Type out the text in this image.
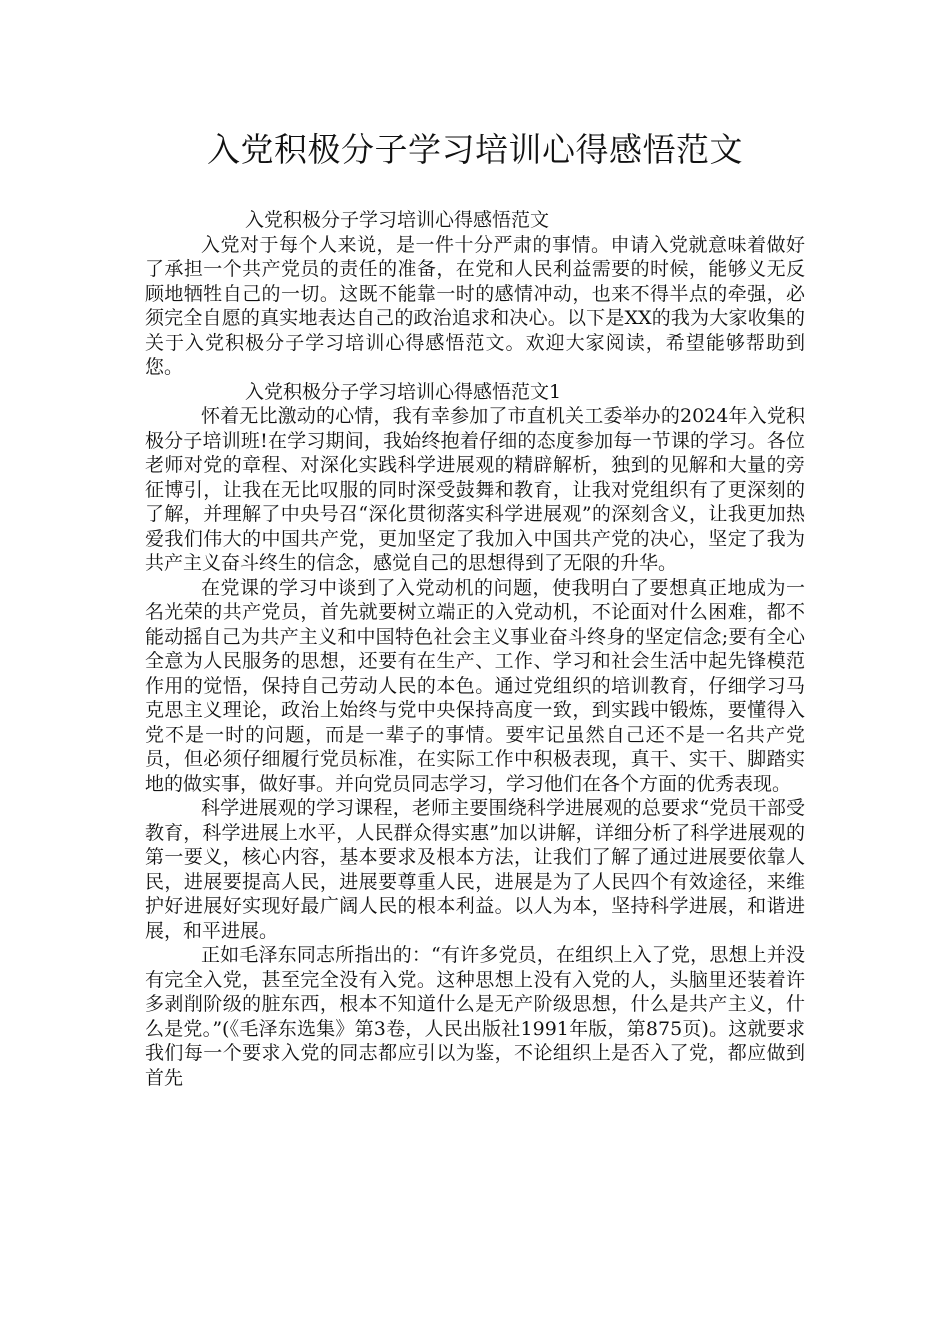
入党积极分子学习培训心得感悟范文

入党积极分子学习培训心得感悟范文

入党对于每个人来说，是一件十分严肃的事情。申请入党就意味着做好了承担一个共产党员的责任的准备，在党和人民利益需要的时候，能够义无反顾地牺牲自己的一切。这既不能靠一时的感情冲动，也来不得半点的牵强，必须完全自愿的真实地表达自己的政治追求和决心。以下是XX的我为大家收集的关于入党积极分子学习培训心得感悟范文。欢迎大家阅读，希望能够帮助到您。

入党积极分子学习培训心得感悟范文1

怀着无比激动的心情，我有幸参加了市直机关工委举办的2024年入党积极分子培训班!在学习期间，我始终抱着仔细的态度参加每一节课的学习。各位老师对党的章程、对深化实践科学进展观的精辟解析，独到的见解和大量的旁征博引，让我在无比叹服的同时深受鼓舞和教育，让我对党组织有了更深刻的了解，并理解了中央号召“深化贯彻落实科学进展观”的深刻含义，让我更加热爱我们伟大的中国共产党，更加坚定了我加入中国共产党的决心，坚定了我为共产主义奋斗终生的信念，感觉自己的思想得到了无限的升华。

在党课的学习中谈到了入党动机的问题，使我明白了要想真正地成为一名光荣的共产党员，首先就要树立端正的入党动机，不论面对什么困难，都不能动摇自己为共产主义和中国特色社会主义事业奋斗终身的坚定信念;要有全心全意为人民服务的思想，还要有在生产、工作、学习和社会生活中起先锋模范作用的觉悟，保持自己劳动人民的本色。通过党组织的培训教育，仔细学习马克思主义理论，政治上始终与党中央保持高度一致，到实践中锻炼，要懂得入党不是一时的问题，而是一辈子的事情。要牢记虽然自己还不是一名共产党员，但必须仔细履行党员标准，在实际工作中积极表现，真干、实干、脚踏实地的做实事，做好事。并向党员同志学习，学习他们在各个方面的优秀表现。

科学进展观的学习课程，老师主要围绕科学进展观的总要求“党员干部受教育，科学进展上水平，人民群众得实惠”加以讲解，详细分析了科学进展观的第一要义，核心内容，基本要求及根本方法，让我们了解了通过进展要依靠人民，进展要提高人民，进展要尊重人民，进展是为了人民四个有效途径，来维护好进展好实现好最广阔人民的根本利益。以人为本，坚持科学进展，和谐进展，和平进展。

正如毛泽东同志所指出的：“有许多党员，在组织上入了党，思想上并没有完全入党，甚至完全没有入党。这种思想上没有入党的人，头脑里还装着许多剥削阶级的脏东西，根本不知道什么是无产阶级思想，什么是共产主义，什么是党。”(《毛泽东选集》第3卷，人民出版社1991年版，第875页)。这就要求我们每一个要求入党的同志都应引以为鉴，不论组织上是否入了党，都应做到首先
